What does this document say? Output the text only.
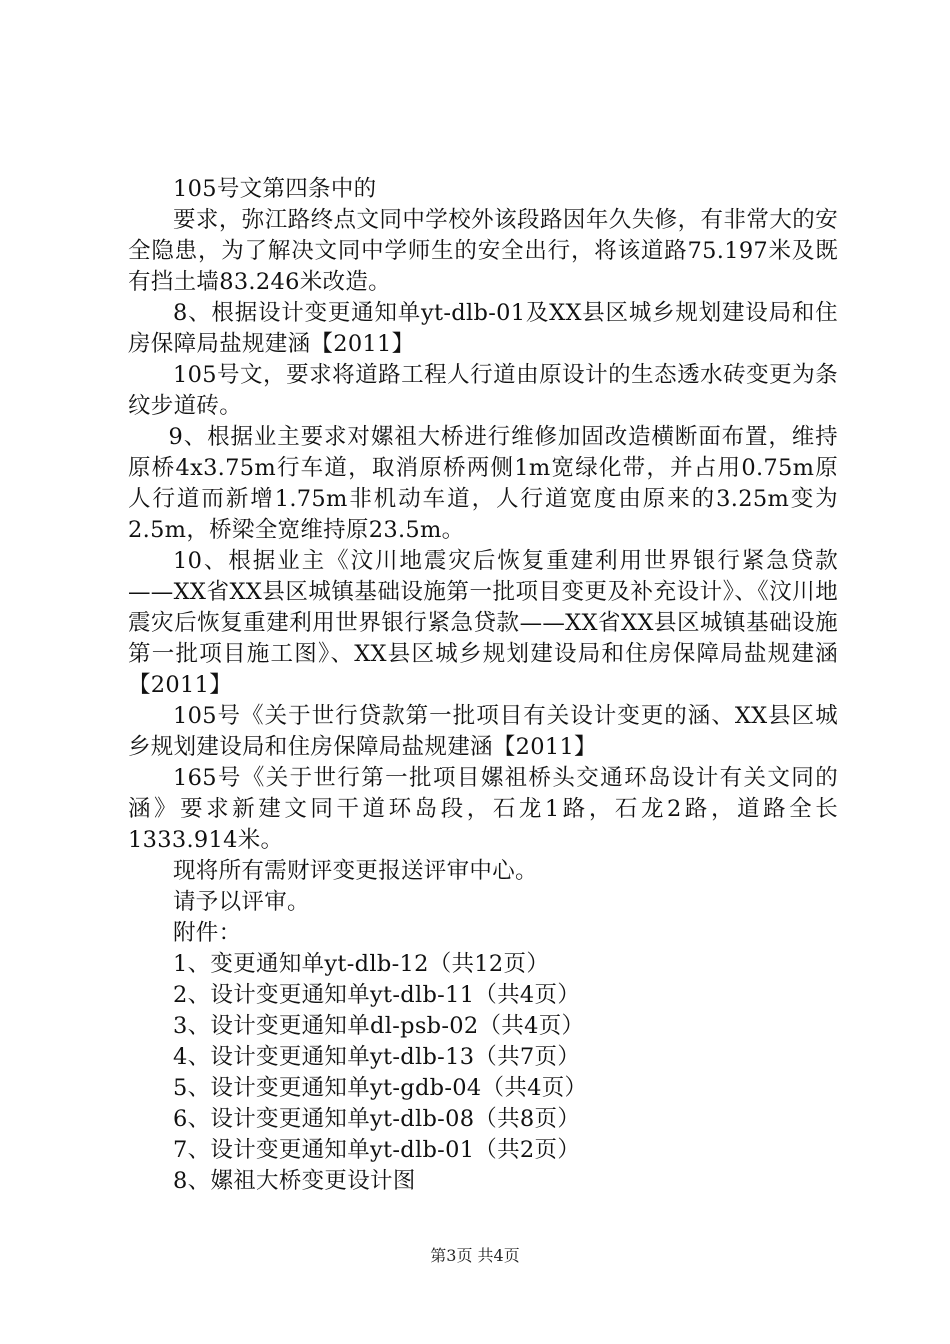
105号文第四条中的

要求，弥江路终点文同中学校外该段路因年久失修，有非常大的安全隐患，为了解决文同中学师生的安全出行，将该道路75.197米及既有挡土墙83.246米改造。

8、根据设计变更通知单yt-dlb-01及XX县区城乡规划建设局和住房保障局盐规建涵【2011】

105号文，要求将道路工程人行道由原设计的生态透水砖变更为条纹步道砖。

9、根据业主要求对嫘祖大桥进行维修加固改造横断面布置，维持原桥4x3.75m行车道，取消原桥两侧1m宽绿化带，并占用0.75m原人行道而新增1.75m非机动车道，人行道宽度由原来的3.25m变为2.5m，桥梁全宽维持原23.5m。

10、根据业主《汶川地震灾后恢复重建利用世界银行紧急贷款——XX省XX县区城镇基础设施第一批项目变更及补充设计》、《汶川地震灾后恢复重建利用世界银行紧急贷款——XX省XX县区城镇基础设施第一批项目施工图》、XX县区城乡规划建设局和住房保障局盐规建涵【2011】

105号《关于世行贷款第一批项目有关设计变更的涵、XX县区城乡规划建设局和住房保障局盐规建涵【2011】

165号《关于世行第一批项目嫘祖桥头交通环岛设计有关文同的涵》要求新建文同干道环岛段，石龙1路，石龙2路，道路全长1333.914米。

现将所有需财评变更报送评审中心。

请予以评审。

附件：

1、变更通知单yt-dlb-12（共12页）
2、设计变更通知单yt-dlb-11（共4页）
3、设计变更通知单dl-psb-02（共4页）
4、设计变更通知单yt-dlb-13（共7页）
5、设计变更通知单yt-gdb-04（共4页）
6、设计变更通知单yt-dlb-08（共8页）
7、设计变更通知单yt-dlb-01（共2页）
8、嫘祖大桥变更设计图
第3页 共4页
